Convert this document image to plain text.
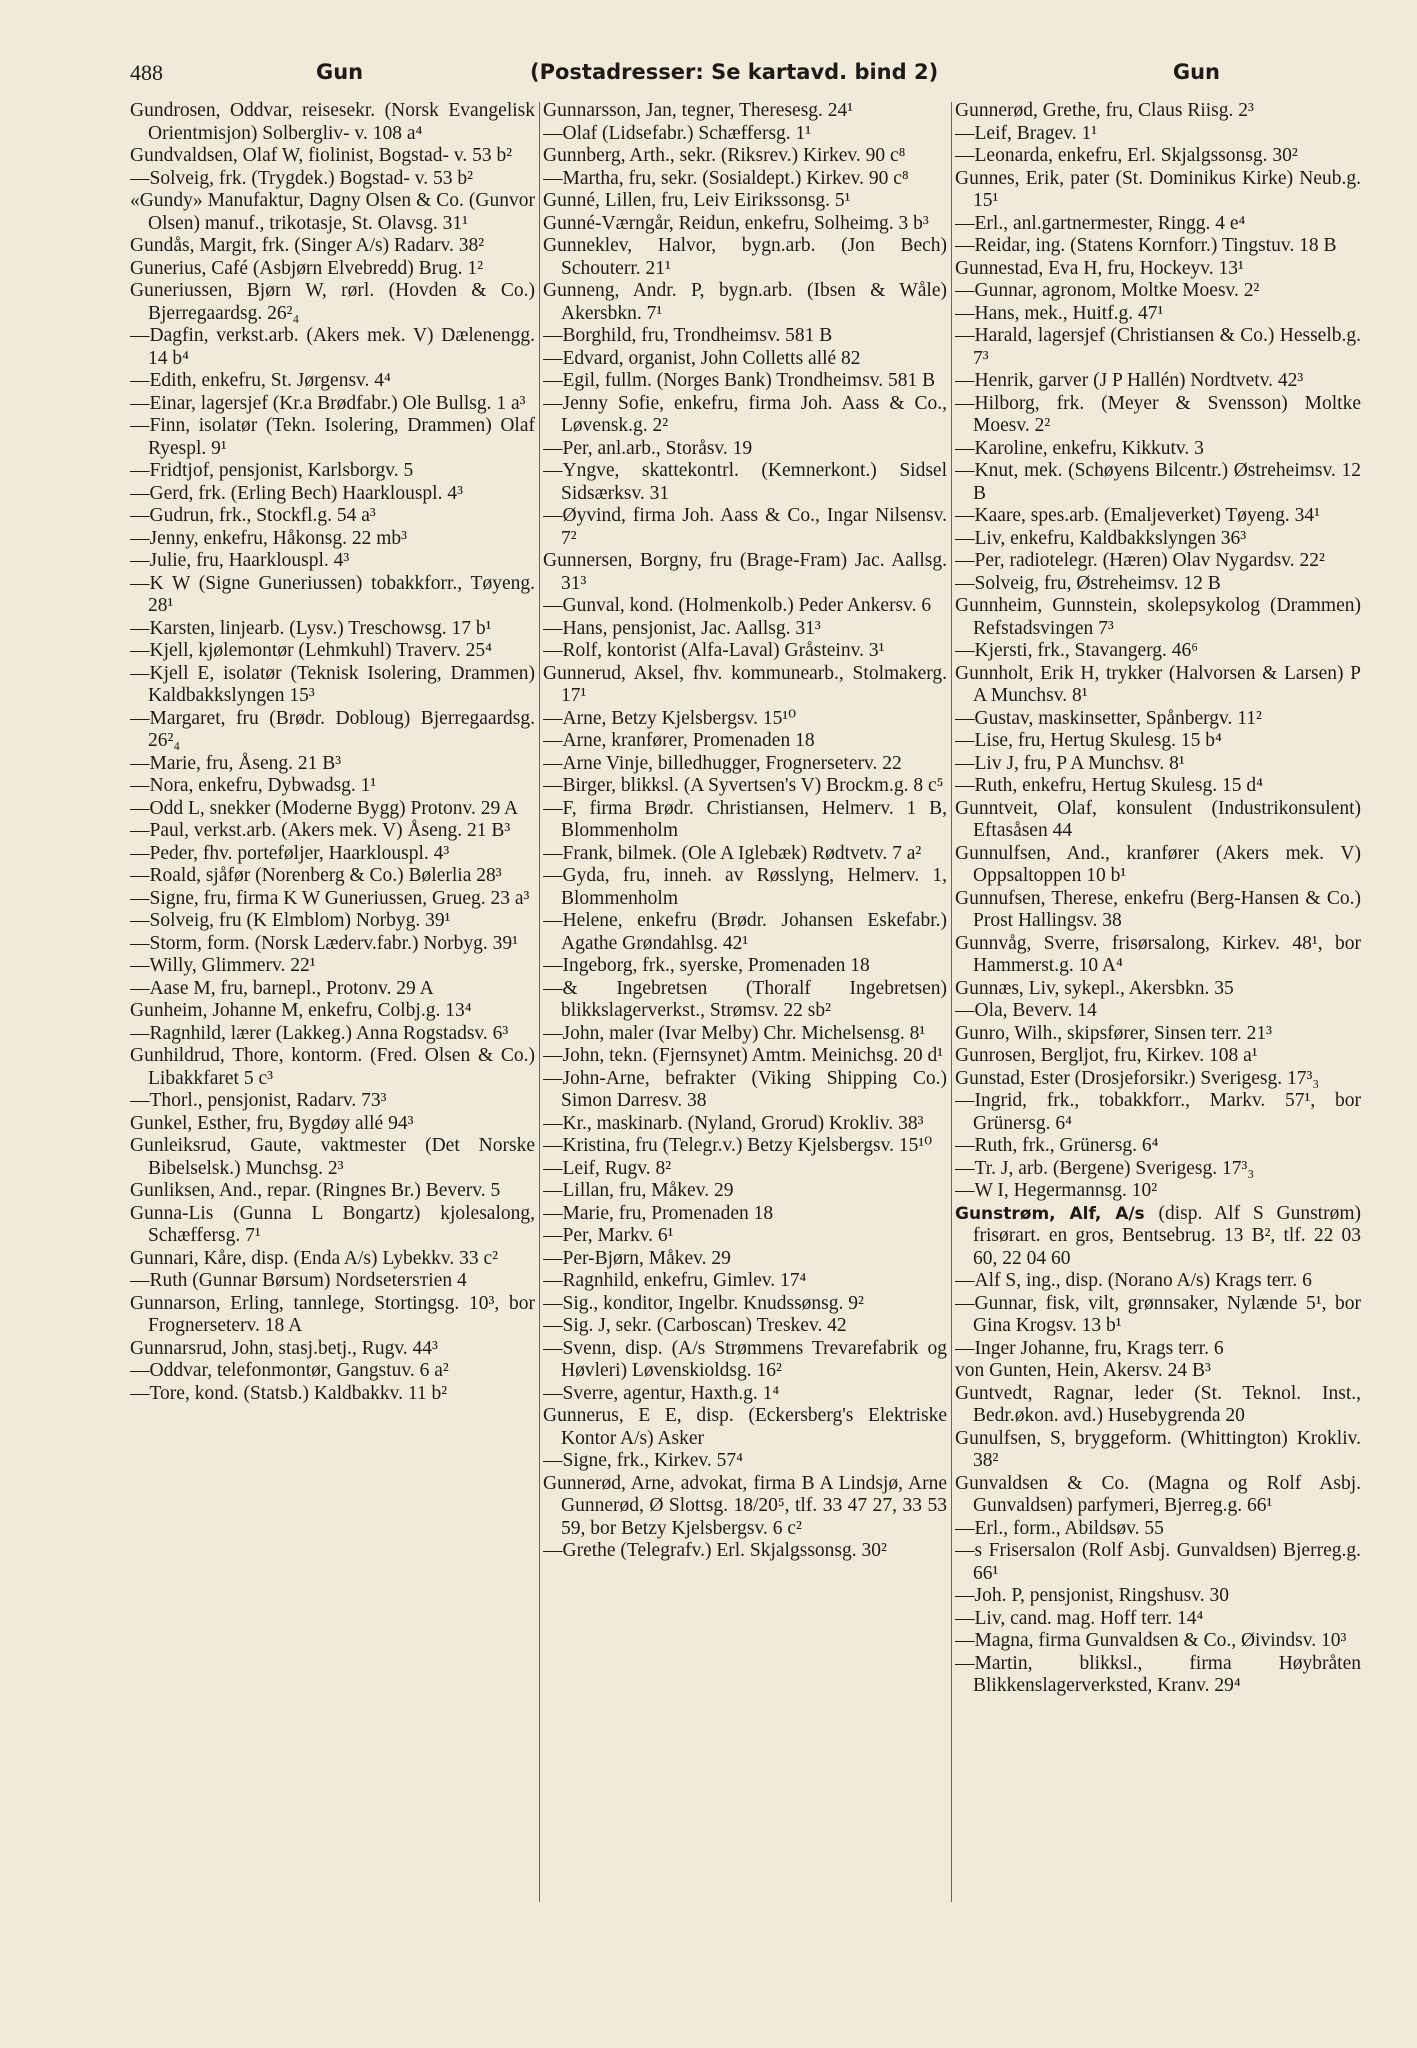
488	Gun	(Postadresser: Se kartavd. bind 2)	Gun

Gundrosen, Oddvar, reisesekr. (Norsk Evangelisk Orientmisjon) Solbergliv- v. 108 a⁴

Gundvaldsen, Olaf W, fiolinist, Bogstad- v. 53 b²

—Solveig, frk. (Trygdek.) Bogstad- v. 53 b²

«Gundy» Manufaktur, Dagny Olsen & Co. (Gunvor Olsen) manuf., trikotasje, St. Olavsg. 31¹

Gundås, Margit, frk. (Singer A/s) Radarv. 38²

Gunerius, Café (Asbjørn Elvebredd) Brug. 1²

Guneriussen, Bjørn W, rørl. (Hovden & Co.) Bjerregaardsg. 26²₄

—Dagfin, verkst.arb. (Akers mek. V) Dælenengg. 14 b⁴

—Edith, enkefru, St. Jørgensv. 4⁴

—Einar, lagersjef (Kr.a Brødfabr.) Ole Bullsg. 1 a³

—Finn, isolatør (Tekn. Isolering, Drammen) Olaf Ryespl. 9¹

—Fridtjof, pensjonist, Karlsborgv. 5

—Gerd, frk. (Erling Bech) Haarklouspl. 4³

—Gudrun, frk., Stockfl.g. 54 a³

—Jenny, enkefru, Håkonsg. 22 mb³

—Julie, fru, Haarklouspl. 4³

—K W (Signe Guneriussen) tobakkforr., Tøyeng. 28¹

—Karsten, linjearb. (Lysv.) Treschowsg. 17 b¹

—Kjell, kjølemontør (Lehmkuhl) Traverv. 25⁴

—Kjell E, isolatør (Teknisk Isolering, Drammen) Kaldbakkslyngen 15³

—Margaret, fru (Brødr. Dobloug) Bjerregaardsg. 26²₄

—Marie, fru, Åseng. 21 B³

—Nora, enkefru, Dybwadsg. 1¹

—Odd L, snekker (Moderne Bygg) Protonv. 29 A

—Paul, verkst.arb. (Akers mek. V) Åseng. 21 B³

—Peder, fhv. porteføljer, Haarklouspl. 4³

—Roald, sjåfør (Norenberg & Co.) Bølerlia 28³

—Signe, fru, firma K W Guneriussen, Grueg. 23 a³

—Solveig, fru (K Elmblom) Norbyg. 39¹

—Storm, form. (Norsk Læderv.fabr.) Norbyg. 39¹

—Willy, Glimmerv. 22¹

—Aase M, fru, barnepl., Protonv. 29 A

Gunheim, Johanne M, enkefru, Colbj.g. 13⁴

—Ragnhild, lærer (Lakkeg.) Anna Rogstadsv. 6³

Gunhildrud, Thore, kontorm. (Fred. Olsen & Co.) Libakkfaret 5 c³

—Thorl., pensjonist, Radarv. 73³

Gunkel, Esther, fru, Bygdøy allé 94³

Gunleiksrud, Gaute, vaktmester (Det Norske Bibelselsk.) Munchsg. 2³

Gunliksen, And., repar. (Ringnes Br.) Beverv. 5

Gunna-Lis (Gunna L Bongartz) kjolesalong, Schæffersg. 7¹

Gunnari, Kåre, disp. (Enda A/s) Lybekkv. 33 c²

—Ruth (Gunnar Børsum) Nordsetersтien 4

Gunnarson, Erling, tannlege, Stortingsg. 10³, bor Frognerseterv. 18 A

Gunnarsrud, John, stasj.betj., Rugv. 44³

—Oddvar, telefonmontør, Gangstuv. 6 a²

—Tore, kond. (Statsb.) Kaldbakkv. 11 b²

Gunnarsson, Jan, tegner, Theresesg. 24¹

—Olaf (Lidsefabr.) Schæffersg. 1¹

Gunnberg, Arth., sekr. (Riksrev.) Kirkev. 90 c⁸

—Martha, fru, sekr. (Sosialdept.) Kirkev. 90 c⁸

Gunné, Lillen, fru, Leiv Eirikssonsg. 5¹

Gunné-Værngår, Reidun, enkefru, Solheimg. 3 b³

Gunneklev, Halvor, bygn.arb. (Jon Bech) Schouterr. 21¹

Gunneng, Andr. P, bygn.arb. (Ibsen & Wåle) Akersbkn. 7¹

—Borghild, fru, Trondheimsv. 581 B

—Edvard, organist, John Colletts allé 82

—Egil, fullm. (Norges Bank) Trondheimsv. 581 B

—Jenny Sofie, enkefru, firma Joh. Aass & Co., Løvensk.g. 2²

—Per, anl.arb., Storåsv. 19

—Yngve, skattekontrl. (Kemnerkont.) Sidsel Sidsærksv. 31

—Øyvind, firma Joh. Aass & Co., Ingar Nilsensv. 7²

Gunnersen, Borgny, fru (Brage-Fram) Jac. Aallsg. 31³

—Gunval, kond. (Holmenkolb.) Peder Ankersv. 6

—Hans, pensjonist, Jac. Aallsg. 31³

—Rolf, kontorist (Alfa-Laval) Gråsteinv. 3¹

Gunnerud, Aksel, fhv. kommunearb., Stolmakerg. 17¹

—Arne, Betzy Kjelsbergsv. 15¹⁰

—Arne, kranfører, Promenaden 18

—Arne Vinje, billedhugger, Frognerseterv. 22

—Birger, blikksl. (A Syvertsen's V) Brockm.g. 8 c⁵

—F, firma Brødr. Christiansen, Helmerv. 1 B, Blommenholm

—Frank, bilmek. (Ole A Iglebæk) Rødtvetv. 7 a²

—Gyda, fru, inneh. av Røsslyng, Helmerv. 1, Blommenholm

—Helene, enkefru (Brødr. Johansen Eskefabr.) Agathe Grøndahlsg. 42¹

—Ingeborg, frk., syerske, Promenaden 18

—& Ingebretsen (Thoralf Ingebretsen) blikkslagerverkst., Strømsv. 22 sb²

—John, maler (Ivar Melby) Chr. Michelsensg. 8¹

—John, tekn. (Fjernsynet) Amtm. Meinichsg. 20 d¹

—John-Arne, befrakter (Viking Shipping Co.) Simon Darresv. 38

—Kr., maskinarb. (Nyland, Grorud) Krokliv. 38³

—Kristina, fru (Telegr.v.) Betzy Kjelsbergsv. 15¹⁰

—Leif, Rugv. 8²

—Lillan, fru, Måkev. 29

—Marie, fru, Promenaden 18

—Per, Markv. 6¹

—Per-Bjørn, Måkev. 29

—Ragnhild, enkefru, Gimlev. 17⁴

—Sig., konditor, Ingelbr. Knudssønsg. 9²

—Sig. J, sekr. (Carboscan) Treskev. 42

—Svenn, disp. (A/s Strømmens Trevarefabrik og Høvleri) Løvenskioldsg. 16²

—Sverre, agentur, Haxth.g. 1⁴

Gunnerus, E E, disp. (Eckersberg's Elektriske Kontor A/s) Asker

—Signe, frk., Kirkev. 57⁴

Gunnerød, Arne, advokat, firma B A Lindsjø, Arne Gunnerød, Ø Slottsg. 18/20⁵, tlf. 33 47 27, 33 53 59, bor Betzy Kjelsbergsv. 6 c²

—Grethe (Telegrafv.) Erl. Skjalgssonsg. 30²

Gunnerød, Grethe, fru, Claus Riisg. 2³

—Leif, Bragev. 1¹

—Leonarda, enkefru, Erl. Skjalgssonsg. 30²

Gunnes, Erik, pater (St. Dominikus Kirke) Neub.g. 15¹

—Erl., anl.gartnermester, Ringg. 4 e⁴

—Reidar, ing. (Statens Kornforr.) Tingstuv. 18 B

Gunnestad, Eva H, fru, Hockeyv. 13¹

—Gunnar, agronom, Moltke Moesv. 2²

—Hans, mek., Huitf.g. 47¹

—Harald, lagersjef (Christiansen & Co.) Hesselb.g. 7³

—Henrik, garver (J P Hallén) Nordtvetv. 42³

—Hilborg, frk. (Meyer & Svensson) Moltke Moesv. 2²

—Karoline, enkefru, Kikkutv. 3

—Knut, mek. (Schøyens Bilcentr.) Østreheimsv. 12 B

—Kaare, spes.arb. (Emaljeverket) Tøyeng. 34¹

—Liv, enkefru, Kaldbakkslyngen 36³

—Per, radiotelegr. (Hæren) Olav Nygardsv. 22²

—Solveig, fru, Østreheimsv. 12 B

Gunnheim, Gunnstein, skolepsykolog (Drammen) Refstadsvingen 7³

—Kjersti, frk., Stavangerg. 46⁶

Gunnholt, Erik H, trykker (Halvorsen & Larsen) P A Munchsv. 8¹

—Gustav, maskinsetter, Spånbergv. 11²

—Lise, fru, Hertug Skulesg. 15 b⁴

—Liv J, fru, P A Munchsv. 8¹

—Ruth, enkefru, Hertug Skulesg. 15 d⁴

Gunntveit, Olaf, konsulent (Industrikonsulent) Eftasåsen 44

Gunnulfsen, And., kranfører (Akers mek. V) Oppsaltoppen 10 b¹

Gunnufsen, Therese, enkefru (Berg-Hansen & Co.) Prost Hallingsv. 38

Gunnvåg, Sverre, frisørsalong, Kirkev. 48¹, bor Hammerst.g. 10 A⁴

Gunnæs, Liv, sykepl., Akersbkn. 35

—Ola, Beverv. 14

Gunro, Wilh., skipsfører, Sinsen terr. 21³

Gunrosen, Bergljot, fru, Kirkev. 108 a¹

Gunstad, Ester (Drosjeforsikr.) Sverigesg. 17³₃

—Ingrid, frk., tobakkforr., Markv. 57¹, bor Grünersg. 6⁴

—Ruth, frk., Grünersg. 6⁴

—Tr. J, arb. (Bergene) Sverigesg. 17³₃

—W I, Hegermannsg. 10²

Gunstrøm, Alf, A/s (disp. Alf S Gunstrøm) frisørart. en gros, Bentsebrug. 13 B², tlf. 22 03 60, 22 04 60

—Alf S, ing., disp. (Norano A/s) Krags terr. 6

—Gunnar, fisk, vilt, grønnsaker, Nylænde 5¹, bor Gina Krogsv. 13 b¹

—Inger Johanne, fru, Krags terr. 6

von Gunten, Hein, Akersv. 24 B³

Guntvedt, Ragnar, leder (St. Teknol. Inst., Bedr.økon. avd.) Husebygrenda 20

Gunulfsen, S, bryggeform. (Whittington) Krokliv. 38²

Gunvaldsen & Co. (Magna og Rolf Asbj. Gunvaldsen) parfymeri, Bjerreg.g. 66¹

—Erl., form., Abildsøv. 55

—s Frisersalon (Rolf Asbj. Gunvaldsen) Bjerreg.g. 66¹

—Joh. P, pensjonist, Ringshusv. 30

—Liv, cand. mag. Hoff terr. 14⁴

—Magna, firma Gunvaldsen & Co., Øivindsv. 10³

—Martin, blikksl., firma Høybråten Blikkenslagerverksted, Kranv. 29⁴
